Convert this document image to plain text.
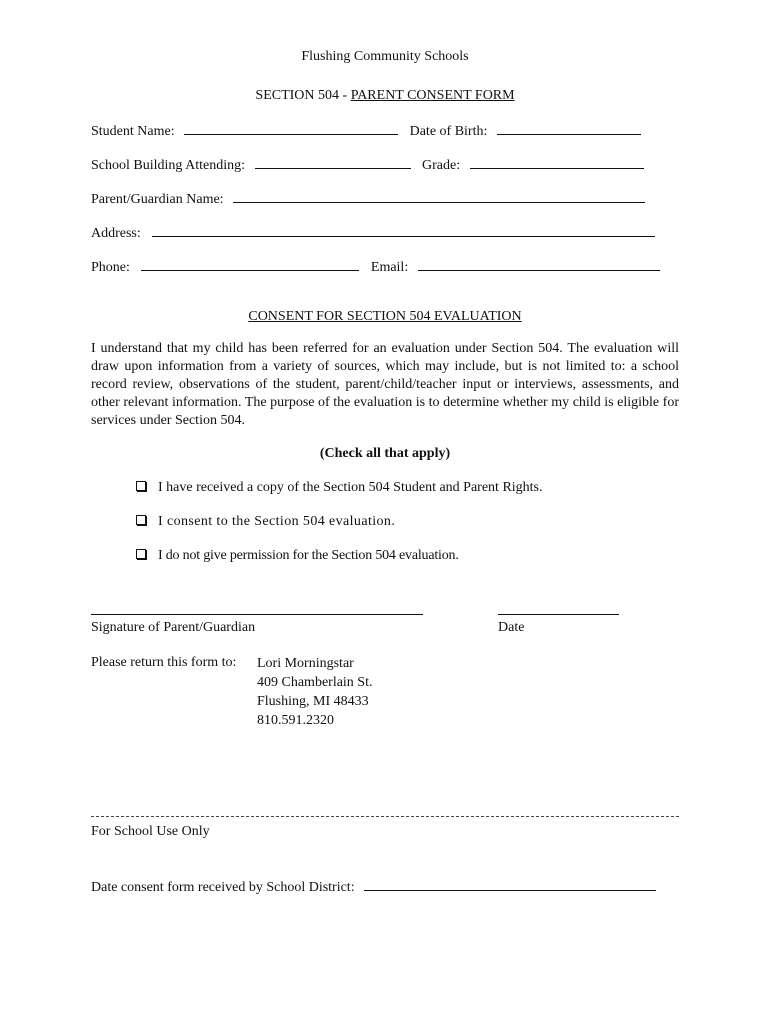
Flushing Community Schools
SECTION 504 - PARENT CONSENT FORM
Student Name:	Date of Birth:
School Building Attending:	Grade:
Parent/Guardian Name:
Address:
Phone:	Email:
CONSENT FOR SECTION 504 EVALUATION
I understand that my child has been referred for an evaluation under Section 504. The evaluation will draw upon information from a variety of sources, which may include, but is not limited to: a school record review, observations of the student, parent/child/teacher input or interviews, assessments, and other relevant information. The purpose of the evaluation is to determine whether my child is eligible for services under Section 504.
(Check all that apply)
I have received a copy of the Section 504 Student and Parent Rights.
I consent to the Section 504 evaluation.
I do not give permission for the Section 504 evaluation.
Signature of Parent/Guardian	Date
Please return this form to: Lori Morningstar
409 Chamberlain St.
Flushing, MI 48433
810.591.2320
For School Use Only
Date consent form received by School District:
